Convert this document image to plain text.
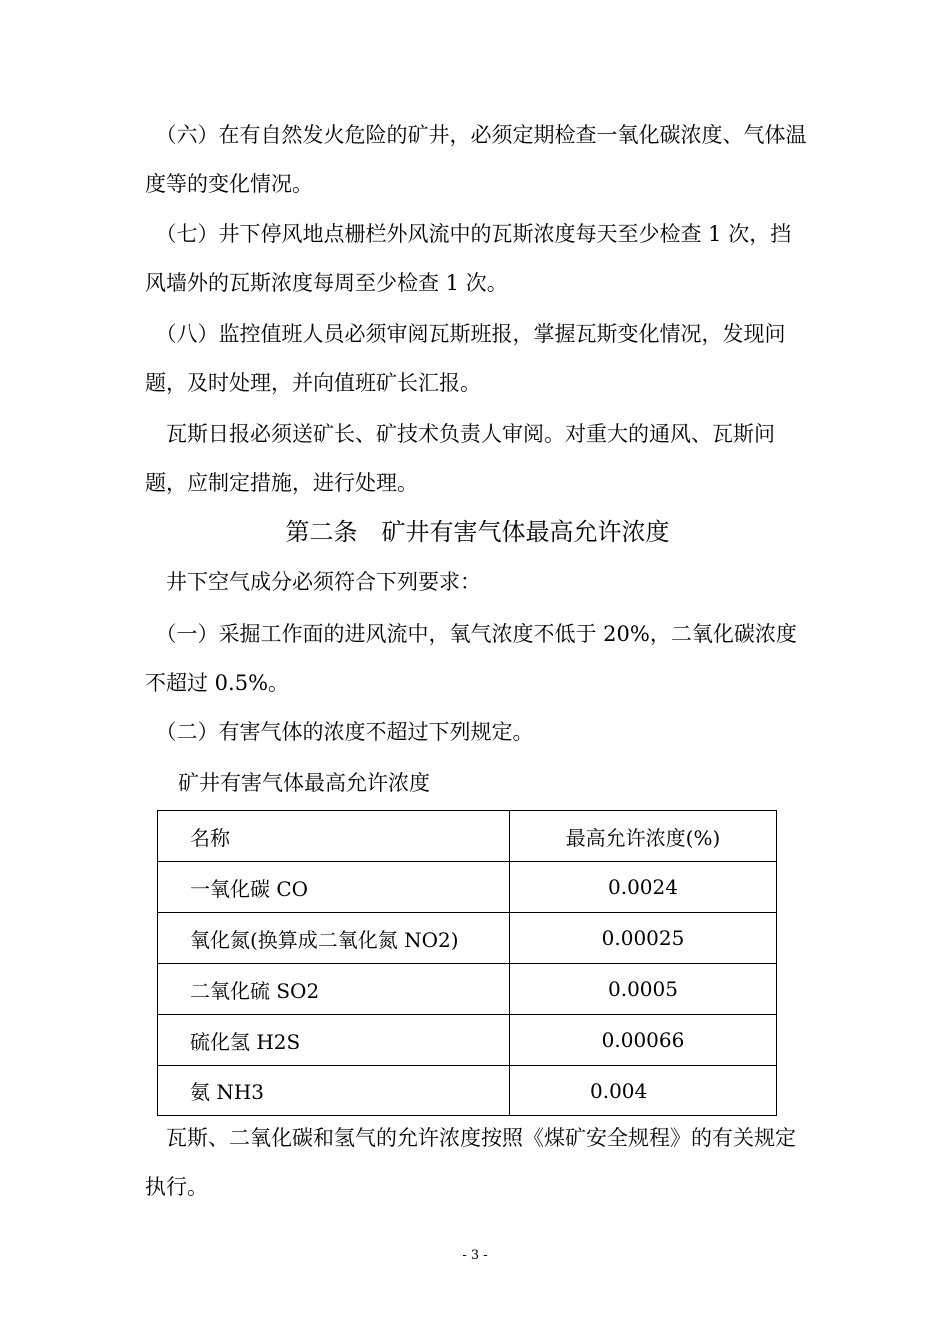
　（六）在有自然发火危险的矿井，必须定期检查一氧化碳浓度、气体温度等的变化情况。
　（七）井下停风地点栅栏外风流中的瓦斯浓度每天至少检查 1 次，挡风墙外的瓦斯浓度每周至少检查 1 次。
　（八）监控值班人员必须审阅瓦斯班报，掌握瓦斯变化情况，发现问题，及时处理，并向值班矿长汇报。
　瓦斯日报必须送矿长、矿技术负责人审阅。对重大的通风、瓦斯问题，应制定措施，进行处理。
第二条　矿井有害气体最高允许浓度
　井下空气成分必须符合下列要求：
　（一）采掘工作面的进风流中，氧气浓度不低于 20%，二氧化碳浓度不超过 0.5%。
　（二）有害气体的浓度不超过下列规定。
矿井有害气体最高允许浓度
名称	最高允许浓度(%)
一氧化碳 CO	0.0024
氧化氮(换算成二氧化氮 NO2)	0.00025
二氧化硫 SO2	0.0005
硫化氢 H2S	0.00066
氨 NH3	0.004
　瓦斯、二氧化碳和氢气的允许浓度按照《煤矿安全规程》的有关规定执行。
- 3 -
